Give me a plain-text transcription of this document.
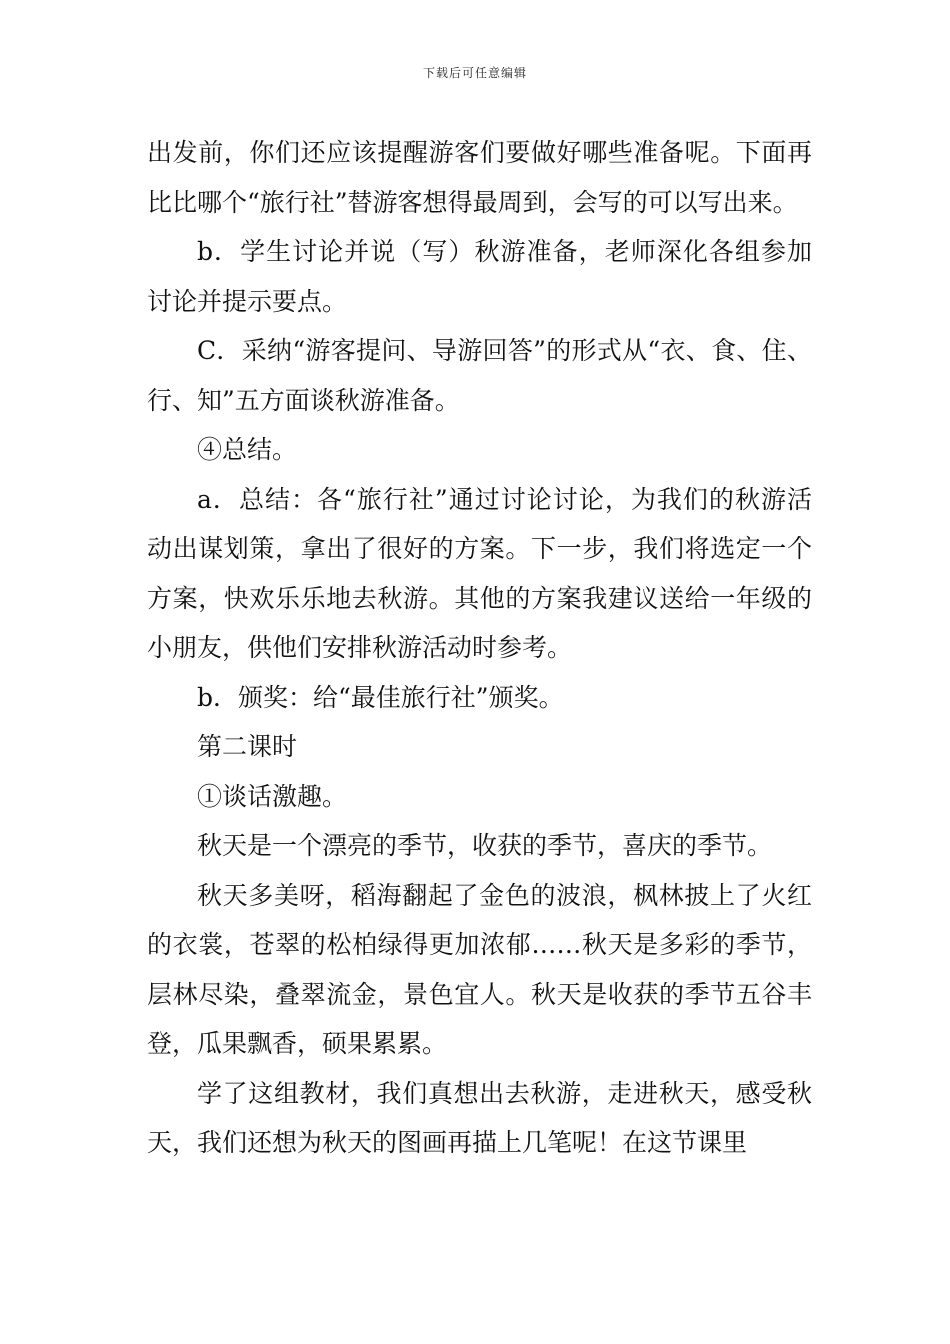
下载后可任意编辑

出发前，你们还应该提醒游客们要做好哪些准备呢。下面再比比哪个“旅行社”替游客想得最周到，会写的可以写出来。

b．学生讨论并说（写）秋游准备，老师深化各组参加讨论并提示要点。

C．采纳“游客提问、导游回答”的形式从“衣、食、住、行、知”五方面谈秋游准备。

④总结。

a．总结：各“旅行社”通过讨论讨论，为我们的秋游活动出谋划策，拿出了很好的方案。下一步，我们将选定一个方案，快欢乐乐地去秋游。其他的方案我建议送给一年级的小朋友，供他们安排秋游活动时参考。

b．颁奖：给“最佳旅行社”颁奖。

第二课时

①谈话激趣。

秋天是一个漂亮的季节，收获的季节，喜庆的季节。

秋天多美呀，稻海翻起了金色的波浪，枫林披上了火红的衣裳，苍翠的松柏绿得更加浓郁……秋天是多彩的季节，层林尽染，叠翠流金，景色宜人。秋天是收获的季节五谷丰登，瓜果飘香，硕果累累。

学了这组教材，我们真想出去秋游，走进秋天，感受秋天，我们还想为秋天的图画再描上几笔呢！在这节课里
